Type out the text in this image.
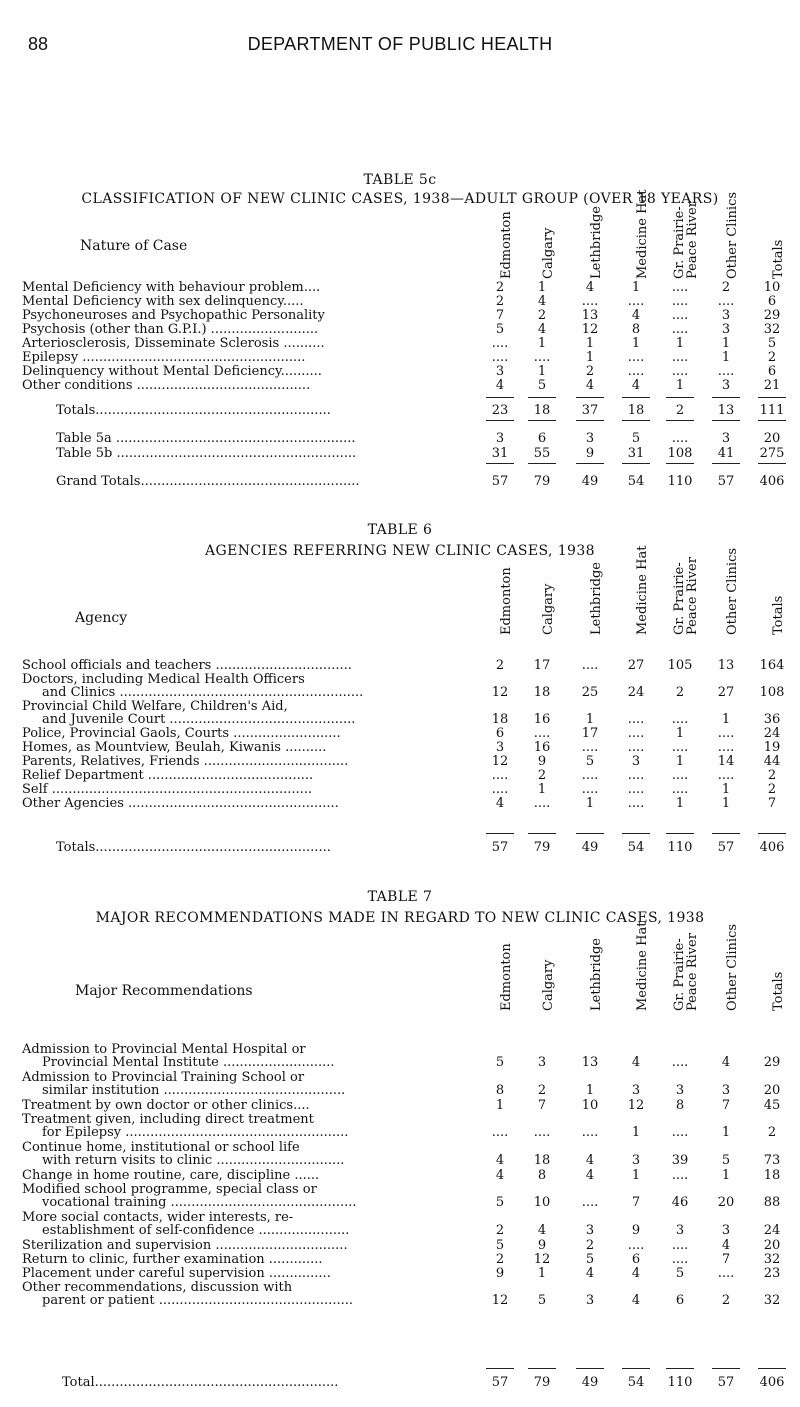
88	DEPARTMENT OF PUBLIC HEALTH
TABLE 5c
CLASSIFICATION OF NEW CLINIC CASES, 1938—ADULT GROUP (OVER 18 YEARS)
Nature of Case	Edmonton Calgary	Lethbridge Medicine Hat Gr. Prairie-
Peace River Other Clinics Totals
Mental Deficiency with behaviour problem....	2	1	4	1	....	2	10
Mental Deficiency with sex delinquency.....	2	4	....	....	....	....	6
Psychoneuroses and Psychopathic Personality	7	2	13	4	....	3	29
Psychosis (other than G.P.I.) ..........................	5	4	12	8	....	3	32
Arteriosclerosis, Disseminate Sclerosis ..........	....	1	1	1	1	1	5
Epilepsy ......................................................	....	....	1	....	....	1	2
Delinquency without Mental Deficiency..........	3	1	2	....	....	....	6
Other conditions ..........................................	4	5	4	4	1	3	21
Totals.........................................................	23	18	37	18	2	13	111
Table 5a ..........................................................	3	6	3	5	....	3	20
Table 5b ..........................................................	31	55	9	31	108	41	275
Grand Totals.....................................................	57	79	49	54	110	57	406
TABLE 6
AGENCIES REFERRING NEW CLINIC CASES, 1938
Agency	Edmonton Calgary	Lethbridge Medicine Hat Gr. Prairie-
Peace River Other Clinics Totals
School officials and teachers .................................	2	17	....	27	105	13	164
Doctors, including Medical Health Officers
and Clinics ...........................................................	12	18	25	24	2	27	108
Provincial Child Welfare, Children's Aid,
and Juvenile Court .............................................	18	16	1	....	....	1	36
Police, Provincial Gaols, Courts ..........................	6	....	17	....	1	....	24
Homes, as Mountview, Beulah, Kiwanis ..........	3	16	....	....	....	....	19
Parents, Relatives, Friends ...................................	12	9	5	3	1	14	44
Relief Department ........................................	....	2	....	....	....	....	2
Self ...............................................................	....	1	....	....	....	1	2
Other Agencies ...................................................	4	....	1	....	1	1	7
Totals.........................................................	57	79	49	54	110	57	406
TABLE 7
MAJOR RECOMMENDATIONS MADE IN REGARD TO NEW CLINIC CASES, 1938
Major Recommendations	Edmonton Calgary	Lethbridge Medicine Hat Gr. Prairie-
Peace River Other Clinics Totals
Admission to Provincial Mental Hospital or
Provincial Mental Institute ...........................	5	3	13	4	....	4	29
Admission to Provincial Training School or
similar institution ............................................	8	2	1	3	3	3	20
Treatment by own doctor or other clinics....	1	7	10	12	8	7	45
Treatment given, including direct treatment
for Epilepsy ......................................................	....	....	....	1	....	1	2
Continue home, institutional or school life
with return visits to clinic ...............................	4	18	4	3	39	5	73
Change in home routine, care, discipline ......	4	8	4	1	....	1	18
Modified school programme, special class or
vocational training .............................................	5	10	....	7	46	20	88
More social contacts, wider interests, re-
establishment of self-confidence ......................	2	4	3	9	3	3	24
Sterilization and supervision ................................	5	9	2	....	....	4	20
Return to clinic, further examination .............	2	12	5	6	....	7	32
Placement under careful supervision ...............	9	1	4	4	5	....	23
Other recommendations, discussion with
parent or patient ...............................................	12	5	3	4	6	2	32
Total...........................................................	57	79	49	54	110	57	406
